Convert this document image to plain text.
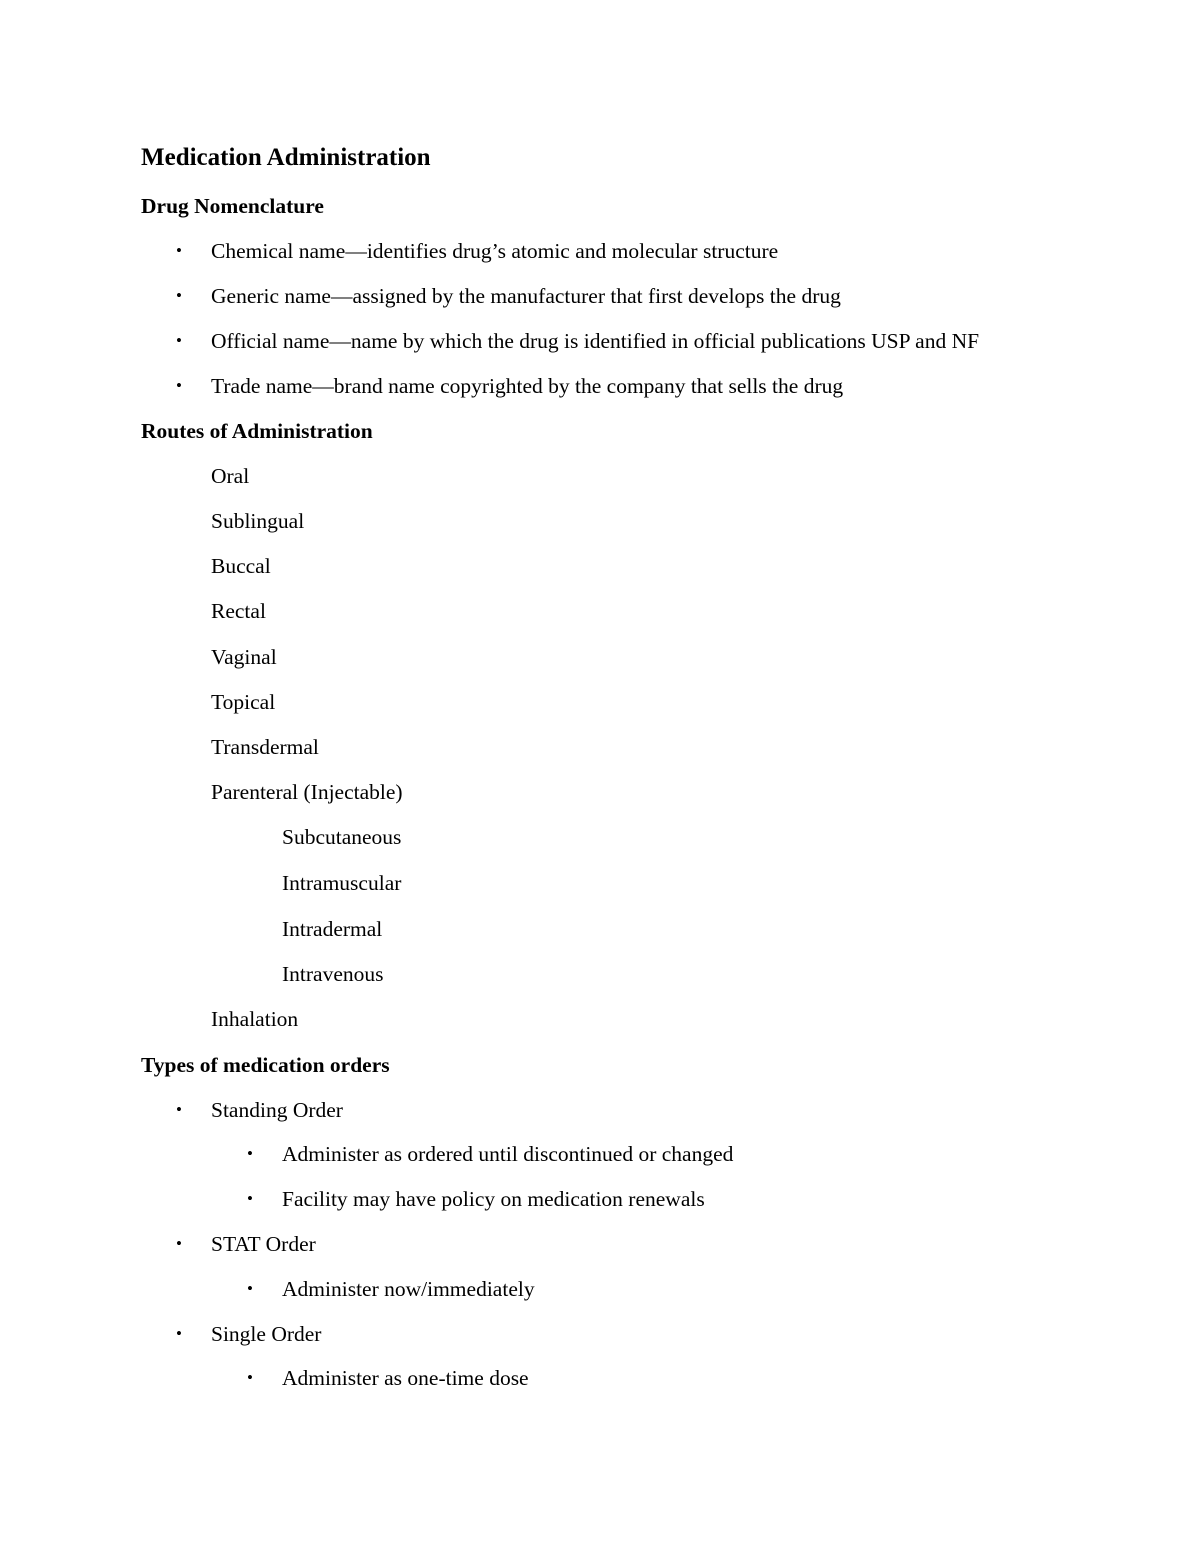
Medication Administration
Drug Nomenclature
• Chemical name—identifies drug’s atomic and molecular structure
• Generic name—assigned by the manufacturer that first develops the drug
• Official name—name by which the drug is identified in official publications USP and NF
• Trade name—brand name copyrighted by the company that sells the drug
Routes of Administration
Oral
Sublingual
Buccal
Rectal
Vaginal
Topical
Transdermal
Parenteral (Injectable)
Subcutaneous
Intramuscular
Intradermal
Intravenous
Inhalation
Types of medication orders
• Standing Order
• Administer as ordered until discontinued or changed
• Facility may have policy on medication renewals
• STAT Order
• Administer now/immediately
• Single Order
• Administer as one-time dose
